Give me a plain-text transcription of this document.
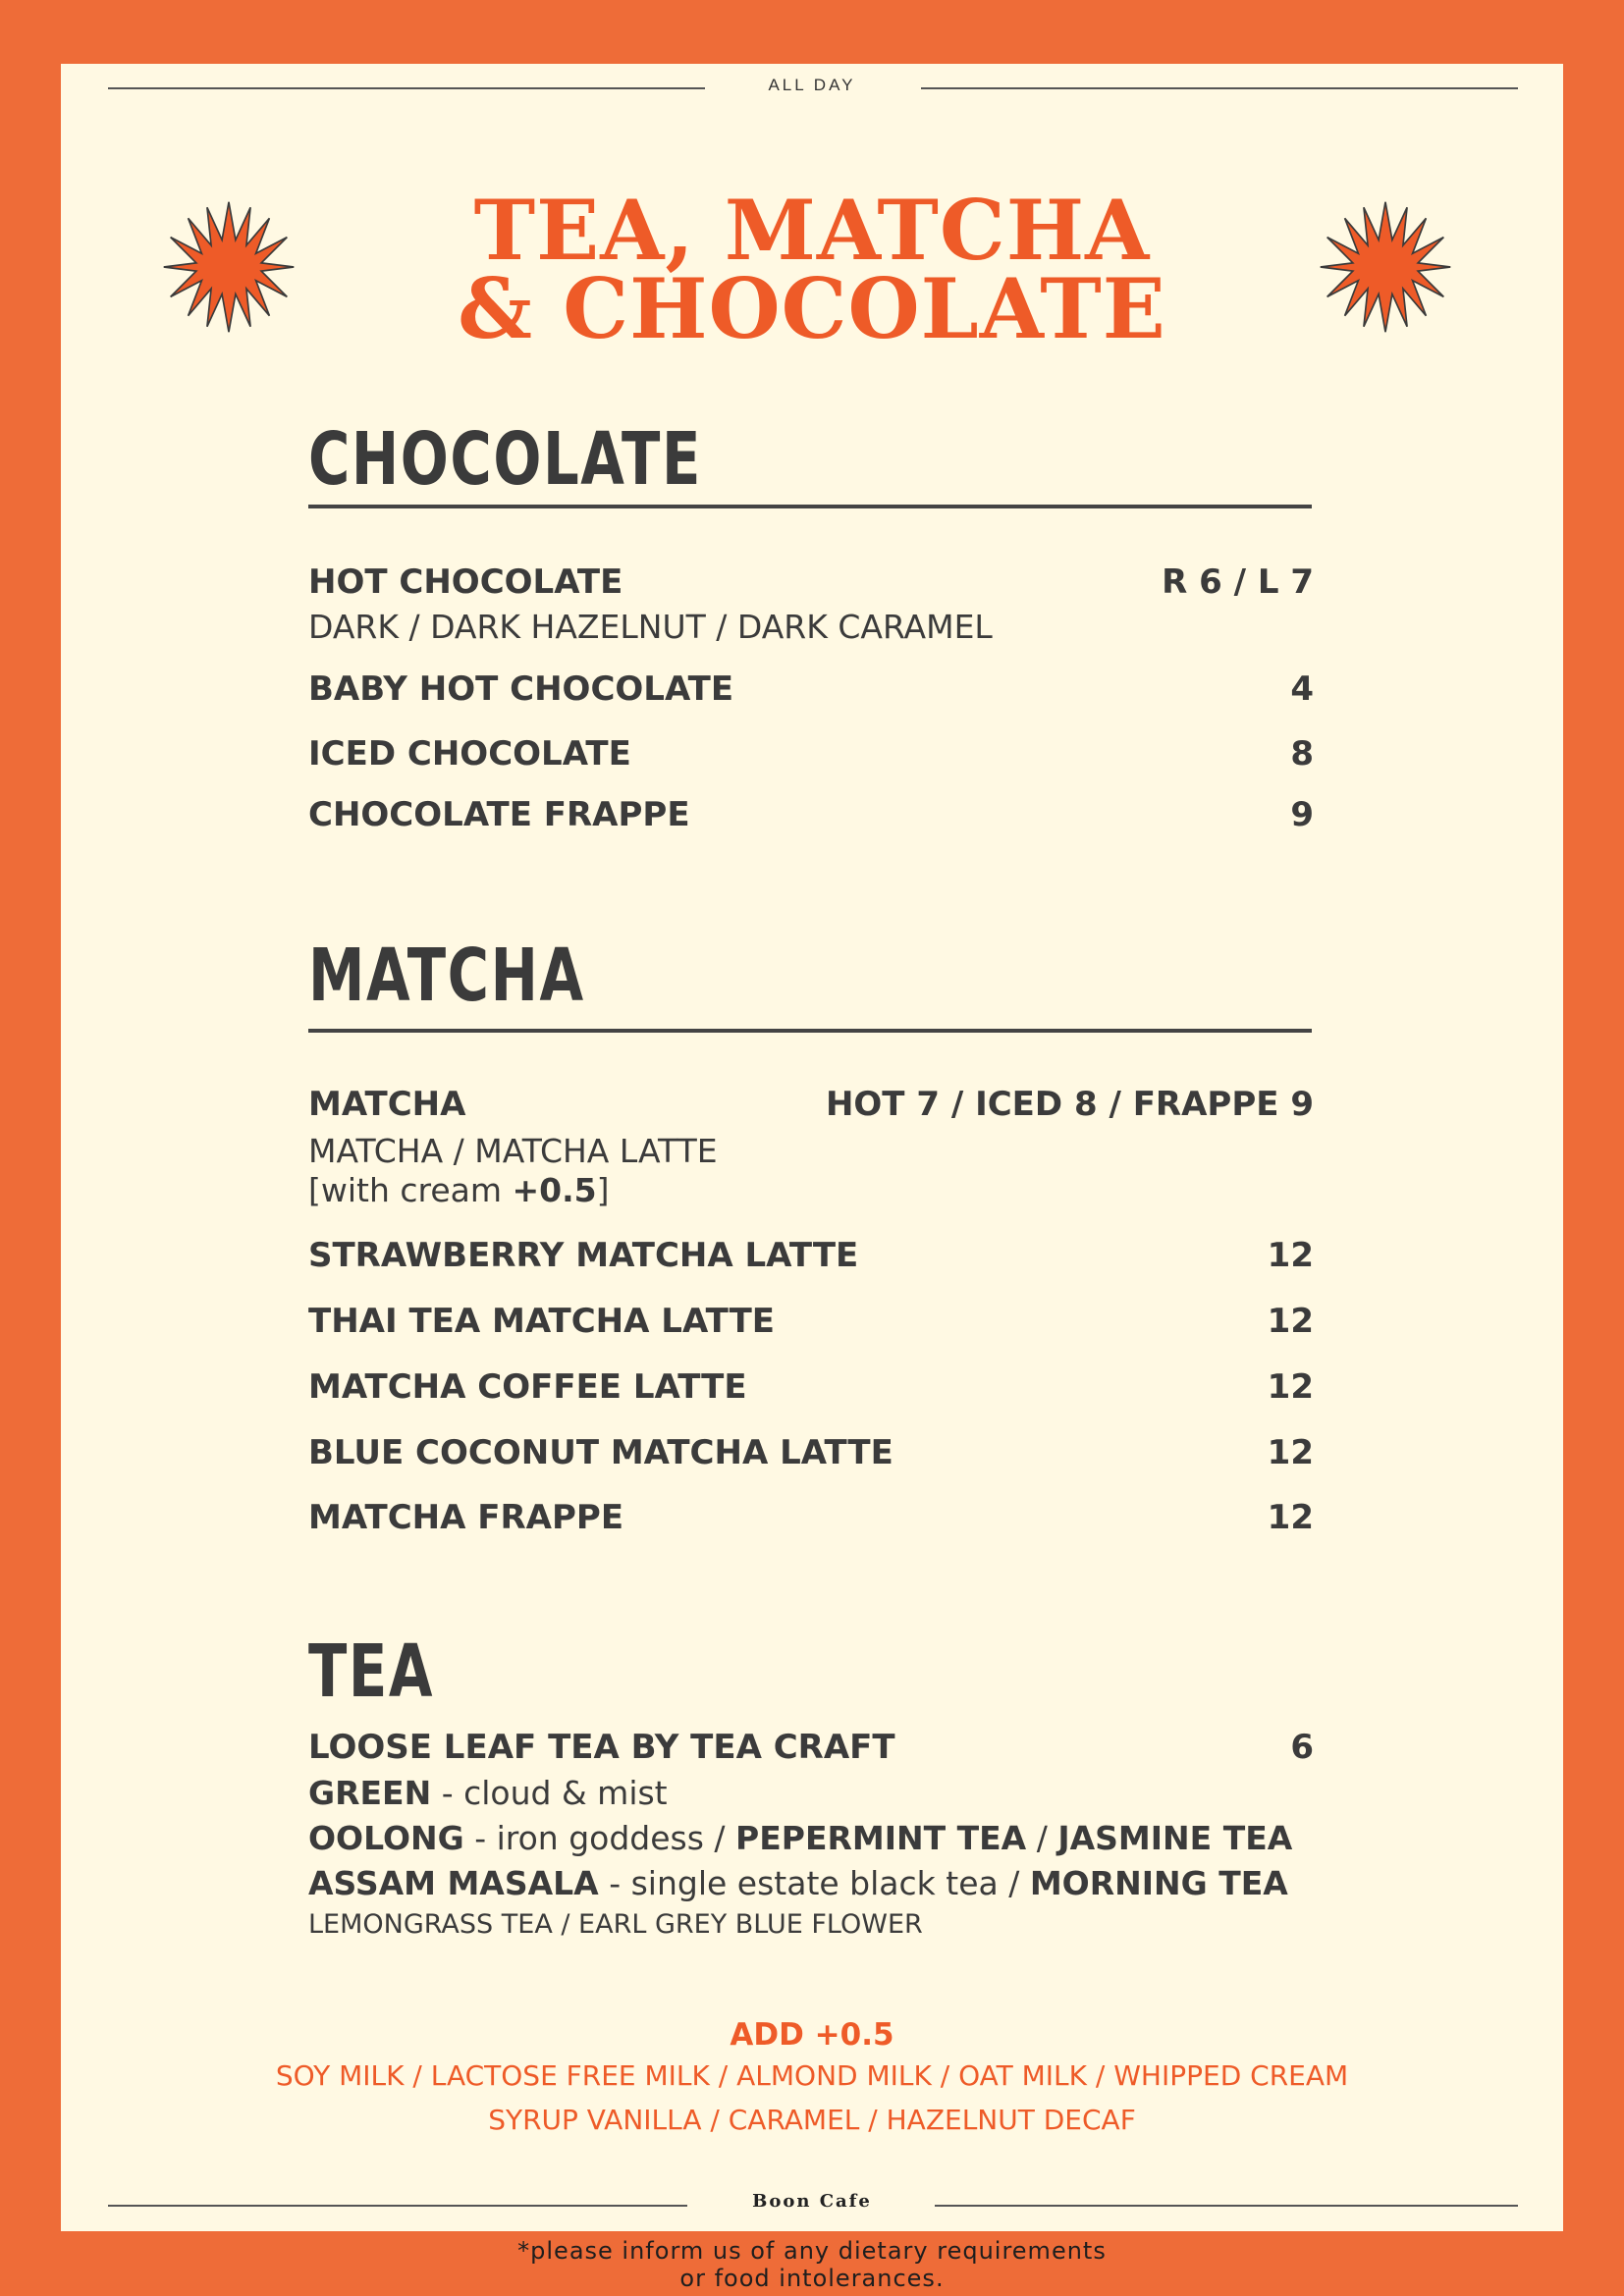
ALL DAY
TEA, MATCHA
& CHOCOLATE
CHOCOLATE
HOT CHOCOLATE	R 6 / L 7
DARK / DARK HAZELNUT / DARK CARAMEL
BABY HOT CHOCOLATE	4
ICED CHOCOLATE	8
CHOCOLATE FRAPPE	9
MATCHA
MATCHA	HOT 7 / ICED 8 / FRAPPE 9
MATCHA / MATCHA LATTE
[with cream +0.5]
STRAWBERRY MATCHA LATTE	12
THAI TEA MATCHA LATTE	12
MATCHA COFFEE LATTE	12
BLUE COCONUT MATCHA LATTE	12
MATCHA FRAPPE	12
TEA
LOOSE LEAF TEA BY TEA CRAFT	6
GREEN - cloud & mist
OOLONG - iron goddess / PEPERMINT TEA / JASMINE TEA
ASSAM MASALA - single estate black tea / MORNING TEA
LEMONGRASS TEA / EARL GREY BLUE FLOWER
ADD +0.5
SOY MILK / LACTOSE FREE MILK / ALMOND MILK / OAT MILK / WHIPPED CREAM
SYRUP VANILLA / CARAMEL / HAZELNUT DECAF
Boon Cafe
*please inform us of any dietary requirements
or food intolerances.
